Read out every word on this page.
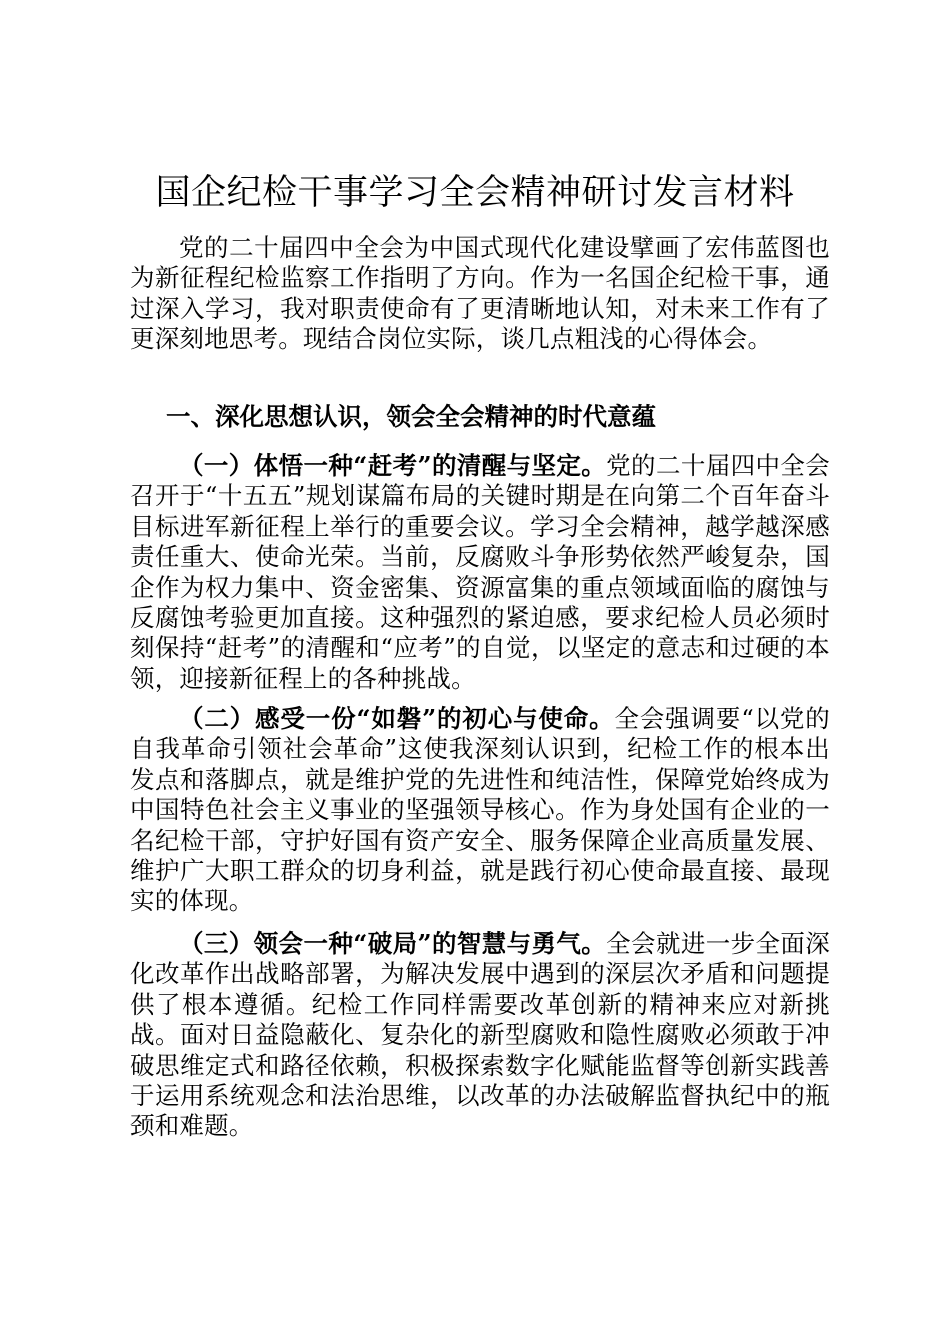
国企纪检干事学习全会精神研讨发言材料

党的二十届四中全会为中国式现代化建设擘画了宏伟蓝图也为新征程纪检监察工作指明了方向。作为一名国企纪检干事，通过深入学习，我对职责使命有了更清晰地认知，对未来工作有了更深刻地思考。现结合岗位实际，谈几点粗浅的心得体会。

一、深化思想认识，领会全会精神的时代意蕴

（一）体悟一种“赶考”的清醒与坚定。党的二十届四中全会召开于“十五五”规划谋篇布局的关键时期是在向第二个百年奋斗目标进军新征程上举行的重要会议。学习全会精神，越学越深感责任重大、使命光荣。当前，反腐败斗争形势依然严峻复杂，国企作为权力集中、资金密集、资源富集的重点领域面临的腐蚀与反腐蚀考验更加直接。这种强烈的紧迫感，要求纪检人员必须时刻保持“赶考”的清醒和“应考”的自觉，以坚定的意志和过硬的本领，迎接新征程上的各种挑战。

（二）感受一份“如磐”的初心与使命。全会强调要“以党的自我革命引领社会革命”这使我深刻认识到，纪检工作的根本出发点和落脚点，就是维护党的先进性和纯洁性，保障党始终成为中国特色社会主义事业的坚强领导核心。作为身处国有企业的一名纪检干部，守护好国有资产安全、服务保障企业高质量发展、维护广大职工群众的切身利益，就是践行初心使命最直接、最现实的体现。

（三）领会一种“破局”的智慧与勇气。全会就进一步全面深化改革作出战略部署，为解决发展中遇到的深层次矛盾和问题提供了根本遵循。纪检工作同样需要改革创新的精神来应对新挑战。面对日益隐蔽化、复杂化的新型腐败和隐性腐败必须敢于冲破思维定式和路径依赖，积极探索数字化赋能监督等创新实践善于运用系统观念和法治思维，以改革的办法破解监督执纪中的瓶颈和难题。
